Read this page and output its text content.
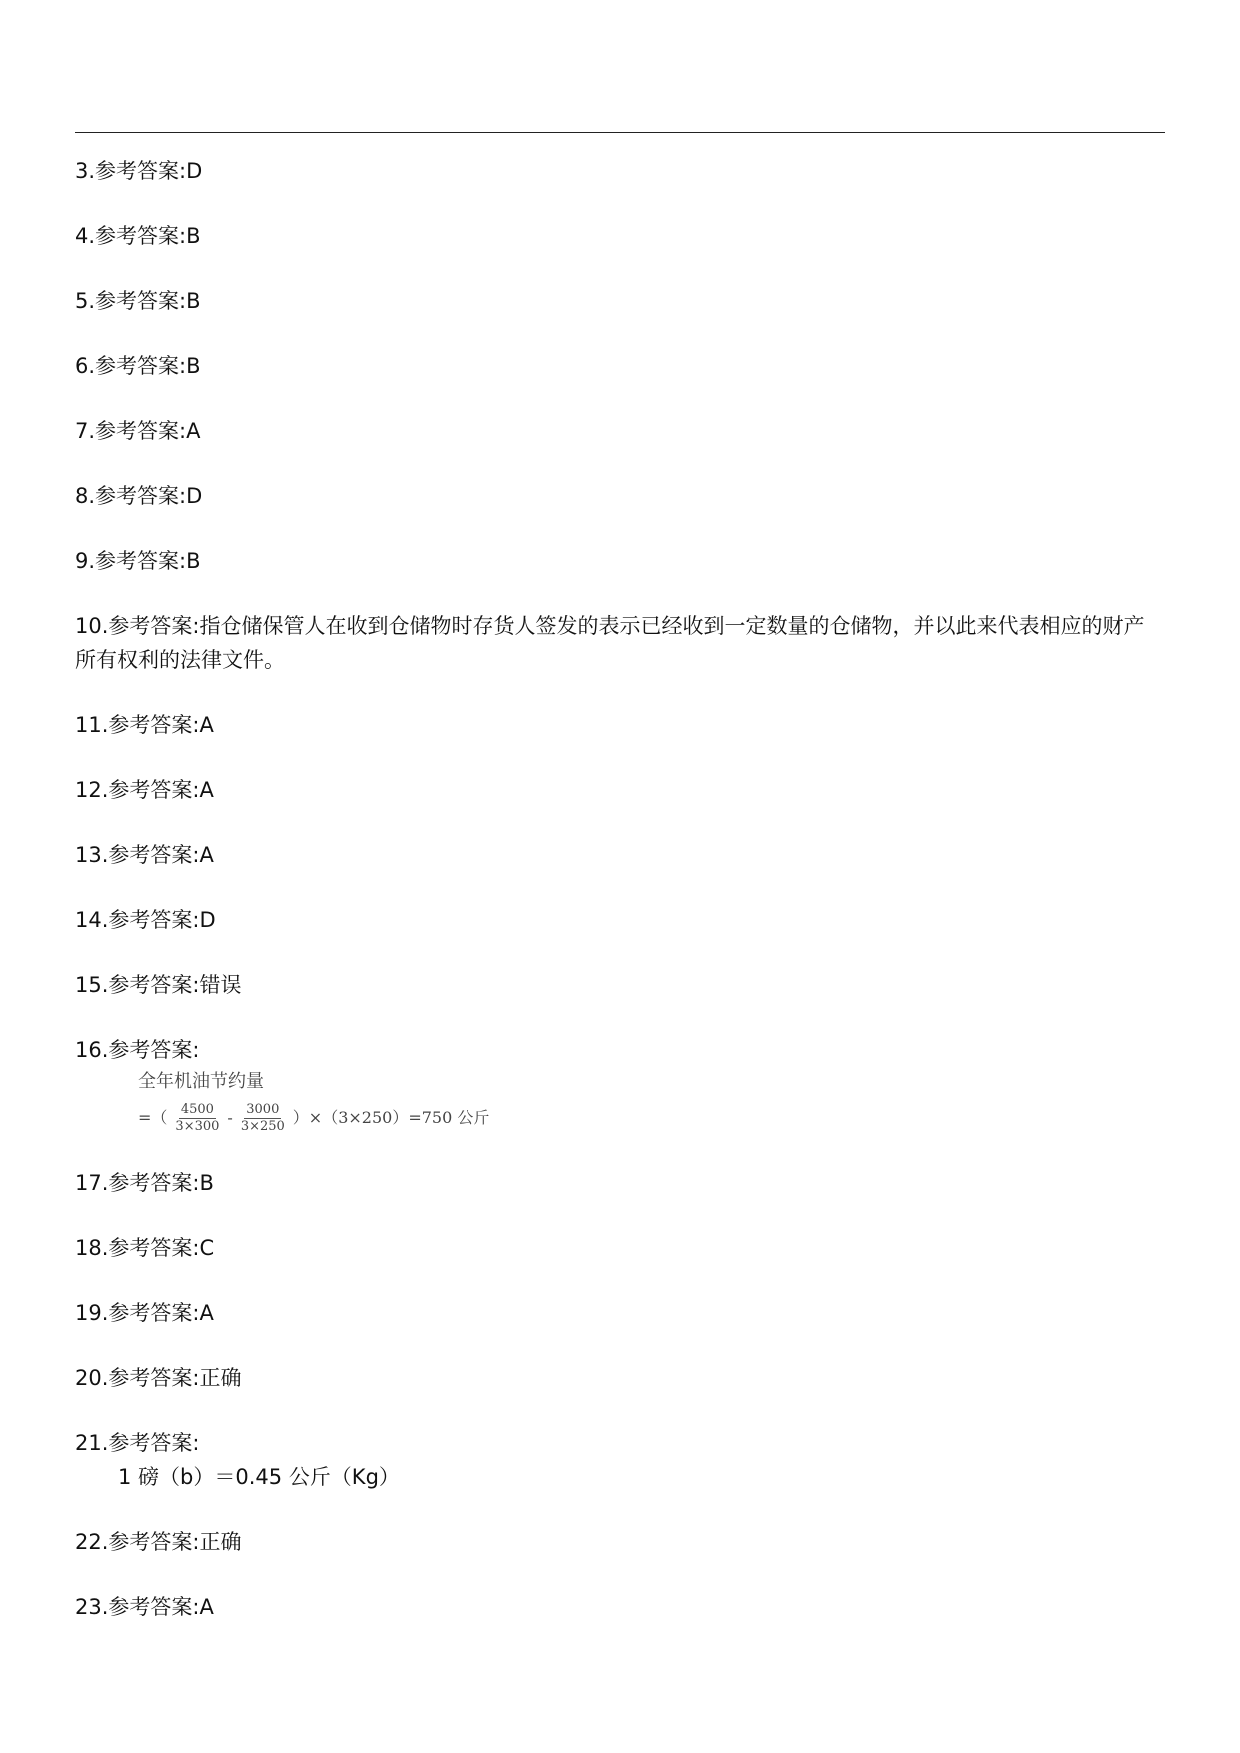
3.参考答案:D
4.参考答案:B
5.参考答案:B
6.参考答案:B
7.参考答案:A
8.参考答案:D
9.参考答案:B
10.参考答案:指仓储保管人在收到仓储物时存货人签发的表示已经收到一定数量的仓储物，并以此来代表相应的财产所有权利的法律文件。
11.参考答案:A
12.参考答案:A
13.参考答案:A
14.参考答案:D
15.参考答案:错误
16.参考答案:
全年机油节约量
=（ $\frac{4500}{3\times 300} - \frac{3000}{3\times 250} )\times(3\times 250)=750$ 公斤
17.参考答案:B
18.参考答案:C
19.参考答案:A
20.参考答案:正确
21.参考答案:
1 磅（b）＝0.45 公斤（Kg）
22.参考答案:正确
23.参考答案:A
